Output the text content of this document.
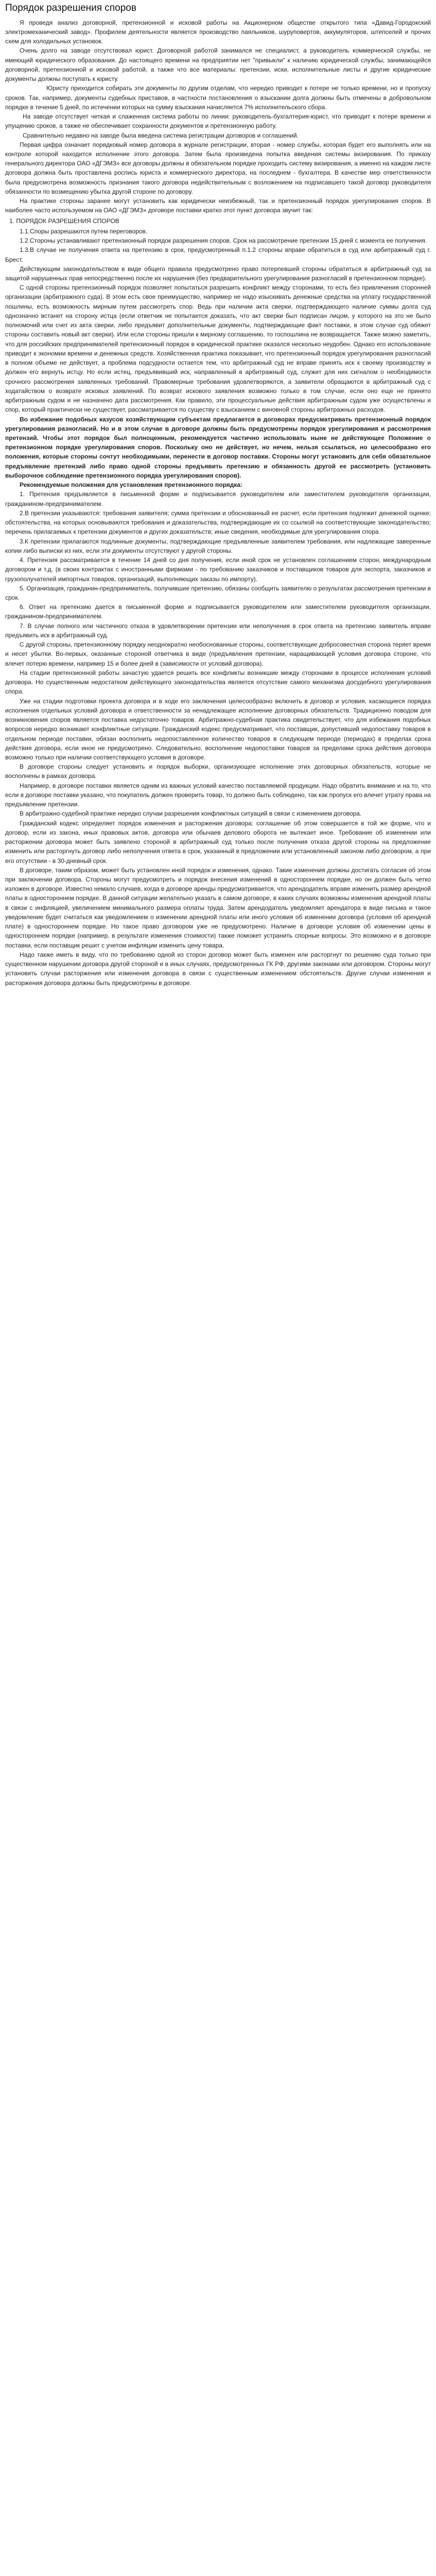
Порядок разрешения споров

Я проведя анализ договорной, претензионной и исковой работы на Акционерном обществе открытого типа «Давид-Городокский электромеханический завод». Профилем деятельности является производство паяльников, шуруповертов, аккумуляторов, штепселей и прочих схем для холодильных установок.

Очень долго на заводе отсутствовал юрист. Договорной работой занимался не специалист, а руководитель коммерческой службы, не имеющий юридического образования. До настоящего времени на предприятии нет "привыкли" к наличию юридической службы, занимающейся договорной, претензионной и исковой работой, а также что все материалы: претензии, иски, исполнительные листы и другие юридические документы должны поступать к юристу.

Юристу приходится собирать эти документы по другим отделам, что нередко приводит к потере не только времени, но и пропуску сроков. Так, например, документы судебных приставов, в частности постановления о взыскании долга должны быть отмечены в добровольном порядке в течение 5 дней, по истечении которых на сумму взыскания начисляется 7% исполнительского сбора.

На заводе отсутствует четкая и слаженная система работы по линии: руководитель-бухгалтерия-юрист, что приводит к потере времени и упущению сроков, а также не обеспечивает сохранности документов и претензионную работу.

Сравнительно недавно на заводе была введена система регистрации договоров и соглашений.

Первая цифра означает порядковый номер договора в журнале регистрации, вторая - номер службы, которая будет его выполнять или на контроле которой находится исполнение этого договора. Затем была произведена попытка введения системы визирования. По приказу генерального директора ОАО «ДГЭМЗ» все договоры должны в обязательном порядке проходить систему визирования, а именно на каждом листе договора должна быть проставлена роспись юриста и коммерческого директора, на последнем - бухгалтера. В качестве мер ответственности была предусмотрена возможность признания такого договора недействительным с возложением на подписавшего такой договор руководителя обязанности по возмещению убытка другой стороне по договору.

На практике стороны заранее могут установить как юридически неизбежный, так и претензионный порядок урегулирования споров. В наиболее часто используемом на ОАО «ДГЭМЗ» договоре поставки кратко этот пункт договора звучит так:

1. ПОРЯДОК РАЗРЕШЕНИЯ СПОРОВ

1.1.Споры разрешаются путем переговоров.

1.2.Стороны устанавливают претензионный порядок разрешения споров. Срок на рассмотрение претензии 15 дней с момента ее получения.

1.3.В случае не получения ответа на претензию в срок, предусмотренный п.1.2 стороны вправе обратиться в суд или арбитражный суд г. Брест.

Действующим законодательством в виде общего правила предусмотрено право потерпевшей стороны обратиться в арбитражный суд за защитой нарушенных прав непосредственно после их нарушения (без предварительного урегулирования разногласий в претензионном порядке).

С одной стороны претензионный порядок позволяет попытаться разрешить конфликт между сторонами, то есть без привлечения сторонней организации (арбитражного суда). В этом есть свое преимущество, например не надо изыскивать денежные средства на уплату государственной пошлины, есть возможность мирным путем рассмотреть спор. Ведь при наличии акта сверки, подтверждающего наличие суммы долга суд однозначно встанет на сторону истца (если ответчик не попытается доказать, что акт сверки был подписан лицом, у которого на это не было полномочий или счет из акта сверки, либо предъявит дополнительные документы, подтверждающие факт поставки, в этом случае суд обяжет стороны составить новый акт сверки). Или если стороны пришли к мирному соглашению, то госпошлина не возвращается. Также можно заметить, что для российских предпринимателей претензионный порядок в юридической практике оказался несколько неудобен. Однако его использование приводит к экономии времени и денежных средств. Хозяйственная практика показывает, что претензионный порядок урегулирования разногласий в полном объеме не действует, а проблема подсудности остается тем, что арбитражный суд не вправе принять иск к своему производству и должен его вернуть истцу. Но если истец, предъявивший иск, направленный в арбитражный суд, служит для них сигналом о необходимости срочного рассмотрения заявленных требований. Правомерные требования удовлетворяются, а заявители обращаются в арбитражный суд с ходатайством о возврате исковых заявлений. По возврат искового заявления возможно только в том случае, если оно еще не принято арбитражным судом и не назначено дата рассмотрения. Как правило, эти процессуальные действия арбитражным судом уже осуществлены и спор, который практически не существует, рассматривается по существу с взысканием с виновной стороны арбитражных расходов.

Во избежание подобных казусов хозяйствующим субъектам предлагается в договорах предусматривать претензионный порядок урегулирования разногласий. Но и в этом случае в договоре должны быть предусмотрены порядок урегулирования и рассмотрения претензий. Чтобы этот порядок был полноценным, рекомендуется частично использовать ныне не действующее Положение о претензионном порядке урегулирования споров. Поскольку оно не действует, но нечем, нельзя ссылаться, но целесообразно его положения, которые стороны сочтут необходимыми, перенести в договор поставки. Стороны могут установить для себя обязательное предъявление претензий либо право одной стороны предъявить претензию и обязанность другой ее рассмотреть (установить выборочное соблюдение претензионного порядка урегулирования споров).

Рекомендуемые положения для установления претензионного порядка:

1. Претензия предъявляется в письменной форме и подписывается руководителем или заместителем руководителя организации, гражданином-предпринимателем.

2.В претензии указываются: требования заявителя; сумма претензии и обоснованный ее расчет, если претензия подлежит денежной оценке; обстоятельства, на которых основываются требования и доказательства, подтверждающие их со ссылкой на соответствующие законодательство; перечень прилагаемых к претензии документов и других доказательств; иные сведения, необходимые для урегулирования спора.

3.К претензии прилагаются подлинные документы, подтверждающие предъявленные заявителем требования, или надлежащие заверенные копии либо выписки из них, если эти документы отсутствуют у другой стороны.

4. Претензия рассматривается в течение 14 дней со дня получения, если иной срок не установлен соглашением сторон, международным договором и т.д. (в своих контрактах с иностранными фирмами - по требованию заказчиков и поставщиков товаров для экспорта, заказчиков и грузополучателей импортных товаров, организаций, выполняющих заказы по импорту).

5. Организация, гражданин-предприниматель, получившие претензию, обязаны сообщить заявителю о результатах рассмотрения претензии в срок.

6. Ответ на претензию дается в письменной форме и подписывается руководителем или заместителем руководителя организации, гражданином-предпринимателем.

7. В случае полного или частичного отказа в удовлетворении претензии или неполучения в срок ответа на претензию заявитель вправе предъявить иск в арбитражный суд.

С другой стороны, претензионному порядку неоднократно необоснованные стороны, соответствующие добросовестная сторона теряет время и несет убытки. Во-первых, оказанные стороной ответчика в виде (предъявления претензии, наращивающей условия договора стороне, что влечет потерю времени, например 15 и более дней в (зависимости от условий договора).

На стадии претензионной работы зачастую удается решить все конфликты возникшие между сторонами в процессе исполнения условий договора. Но существенным недостатком действующего законодательства является отсутствие самого механизма досудебного урегулирования спора.

Уже на стадии подготовки проекта договора и в ходе его заключения целесообразно включить в договор и условия, касающиеся порядка исполнения отдельных условий договора и ответственности за ненадлежащее исполнение договорных обязательств. Традиционно поводом для возникновения споров является поставка недостаточно товаров. Арбитражно-судебная практика свидетельствует, что для избежания подобных вопросов нередко возникают конфликтные ситуации. Гражданский кодекс предусматривает, что поставщик, допустивший недопоставку товаров в отдельном периоде поставки, обязан восполнить недопоставленное количество товаров в следующем периоде (периодах) в пределах срока действия договора, если иное не предусмотрено. Следовательно, восполнение недопоставки товаров за пределами срока действия договора возможно только при наличии соответствующего условия в договоре.

В договоре стороны следует установить и порядок выборки, организующее исполнение этих договорных обязательств, которые не восполнены в рамках договора.

Например, в договоре поставки является одним из важных условий качество поставляемой продукции. Надо обратить внимание и на то, что если в договоре поставки указано, что покупатель должен проверить товар, то должно быть соблюдено, так как пропуск его влечет утрату права на предъявление претензии.

В арбитражно-судебной практике нередко случаи разрешения конфликтных ситуаций в связи с изменением договора.

Гражданский кодекс определяет порядок изменения и расторжения договора: соглашение об этом совершается в той же форме, что и договор, если из закона, иных правовых актов, договора или обычаев делового оборота не вытекает иное. Требование об изменении или расторжении договора может быть заявлено стороной в арбитражный суд только после получения отказа другой стороны на предложение изменить или расторгнуть договор либо неполучения ответа в срок, указанный в предложении или установленный законом либо договором, а при его отсутствии - в 30-дневный срок.

В договоре, таким образом, может быть установлен иной порядок и изменения, однако. Такие изменения должны достигать согласия об этом при заключении договора. Стороны могут предусмотреть и порядок внесения изменений в одностороннем порядке, но он должен быть четко изложен в договоре. Известно немало случаев, когда в договоре аренды предусматривается, что арендодатель вправе изменить размер арендной платы в одностороннем порядке. В данной ситуации желательно указать в самом договоре, в каких случаях возможны изменения арендной платы в связи с инфляцией, увеличением минимального размера оплаты труда. Затем арендодатель уведомляет арендатора в виде письма и такое уведомление будет считаться как уведомлением о изменении арендной платы или иного условия об изменении договора (условия об арендной плате) в одностороннем порядке. Но такое право договором уже не предусмотрено. Наличие в договоре условия об изменении цены в одностороннем порядке (например, в результате изменения стоимости) также поможет устранить спорные вопросы. Это возможно и в договоре поставки, если поставщик решит с учетом инфляции изменить цену товара.

Надо также иметь в виду, что по требованию одной из сторон договор может быть изменен или расторгнут по решению суда только при существенном нарушении договора другой стороной и в иных случаях, предусмотренных ГК РФ, другими законами или договором. Стороны могут установить случаи расторжения или изменения договора в связи с существенным изменением обстоятельств. Другие случаи изменения и расторжения договора должны быть предусмотрены в договоре.
